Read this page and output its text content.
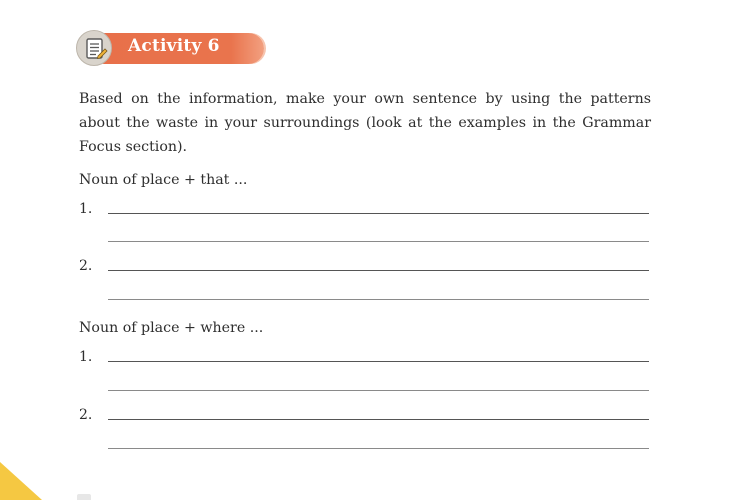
Activity 6

Based on the information, make your own sentence by using the patterns about the waste in your surroundings (look at the examples in the Grammar Focus section).

Noun of place + that ...
1.
2.
Noun of place + where ...
1.
2.
